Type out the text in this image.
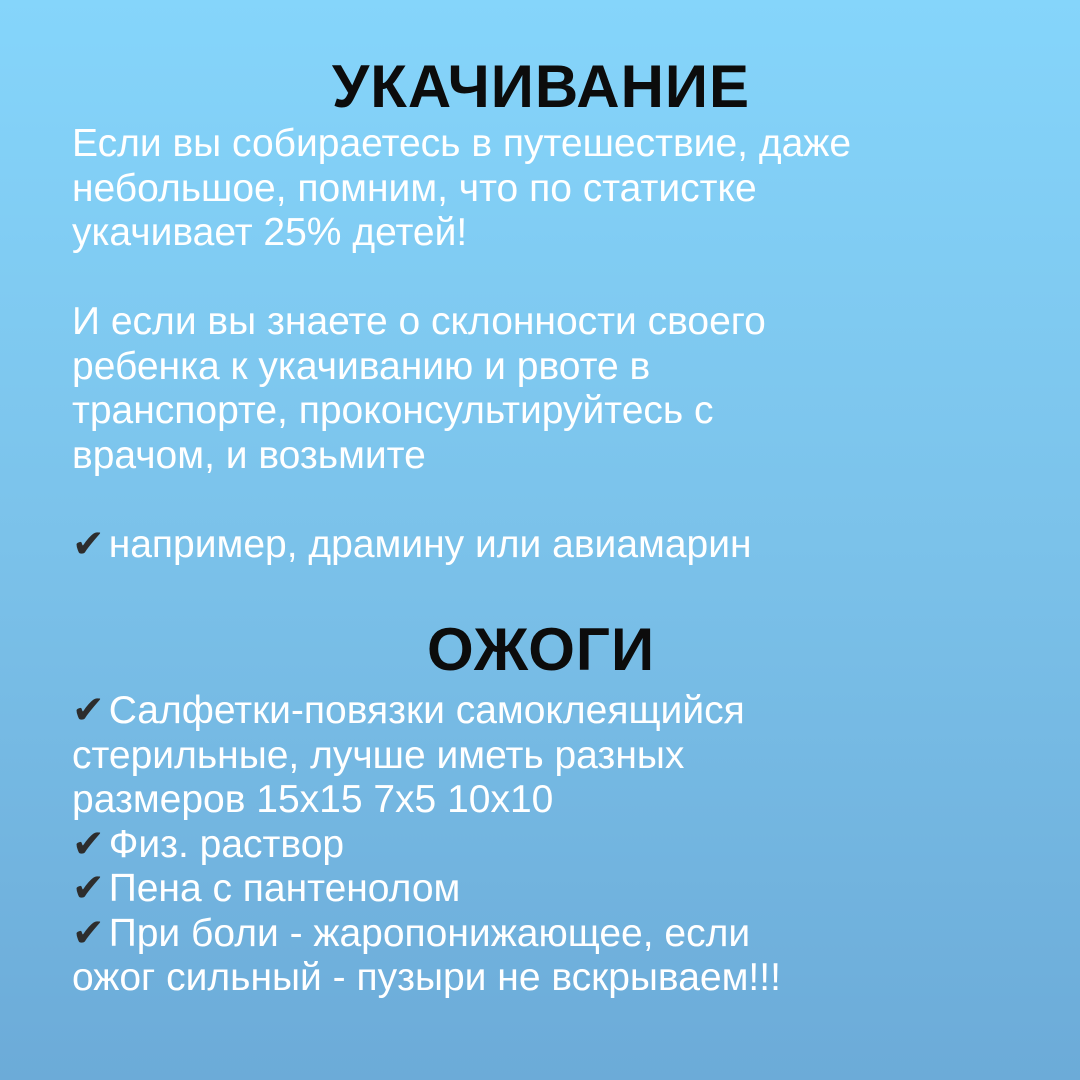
УКАЧИВАНИЕ

Если вы собираетесь в путешествие, даже
небольшое, помним, что по статистке
укачивает 25% детей!

И если вы знаете о склонности своего
ребенка к укачиванию и рвоте в
транспорте, проконсультируйтесь с
врачом, и возьмите

✔ например, драмину или авиамарин

ОЖОГИ

✔ Салфетки-повязки самоклеящийся
стерильные, лучше иметь разных
размеров 15х15 7х5 10х10
✔ Физ. раствор
✔ Пена с пантенолом
✔ При боли - жаропонижающее, если
ожог сильный - пузыри не вскрываем!!!
